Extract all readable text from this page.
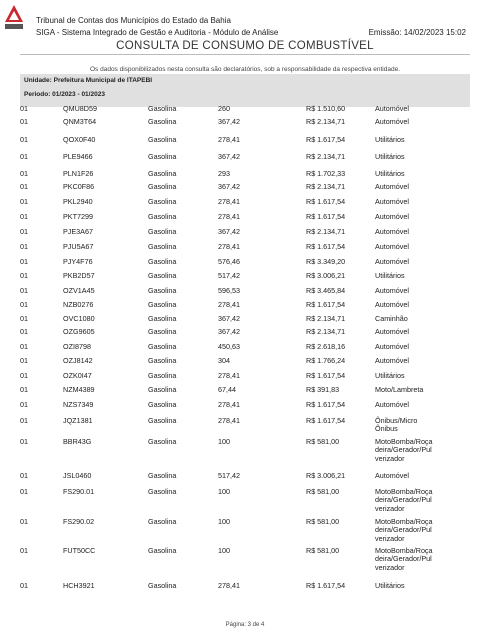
Tribunal de Contas dos Municípios do Estado da Bahia
SIGA - Sistema Integrado de Gestão e Auditoria - Módulo de Análise	Emissão: 14/02/2023 15:02
CONSULTA DE CONSUMO DE COMBUSTÍVEL
Os dados disponibilizados nesta consulta são declaratórios, sob a responsabilidade da respectiva entidade.
Unidade: Prefeitura Municipal de ITAPEBI
Periodo: 01/2023 - 01/2023
01	QMU8D59	Gasolina	260	R$ 1.510,60	Automóvel
01	QNM3T64	Gasolina	367,42	R$ 2.134,71	Automóvel
01	QOX0F40	Gasolina	278,41	R$ 1.617,54	Utilitários
01	PLE9466	Gasolina	367,42	R$ 2.134,71	Utilitários
01	PLN1F26	Gasolina	293	R$ 1.702,33	Utilitários
01	PKC0F86	Gasolina	367,42	R$ 2.134,71	Automóvel
01	PKL2940	Gasolina	278,41	R$ 1.617,54	Automóvel
01	PKT7299	Gasolina	278,41	R$ 1.617,54	Automóvel
01	PJE3A67	Gasolina	367,42	R$ 2.134,71	Automóvel
01	PJU5A67	Gasolina	278,41	R$ 1.617,54	Automóvel
01	PJY4F76	Gasolina	576,46	R$ 3.349,20	Automóvel
01	PKB2D57	Gasolina	517,42	R$ 3.006,21	Utilitários
01	OZV1A45	Gasolina	596,53	R$ 3.465,84	Automóvel
01	NZB0276	Gasolina	278,41	R$ 1.617,54	Automóvel
01	OVC1080	Gasolina	367,42	R$ 2.134,71	Caminhão
01	OZG9605	Gasolina	367,42	R$ 2.134,71	Automóvel
01	OZI8798	Gasolina	450,63	R$ 2.618,16	Automóvel
01	OZJ8142	Gasolina	304	R$ 1.766,24	Automóvel
01	OZK0I47	Gasolina	278,41	R$ 1.617,54	Utilitários
01	NZM4389	Gasolina	67,44	R$ 391,83	Moto/Lambreta
01	NZS7349	Gasolina	278,41	R$ 1.617,54	Automóvel
01	JQZ1381	Gasolina	278,41	R$ 1.617,54	Ônibus/Micro
Ônibus
01	BBR43G	Gasolina	100	R$ 581,00	MotoBomba/Roça
deira/Gerador/Pul
verizador
01	JSL0460	Gasolina	517,42	R$ 3.006,21	Automóvel
01	FS290.01	Gasolina	100	R$ 581,00	MotoBomba/Roça
deira/Gerador/Pul
verizador
01	FS290.02	Gasolina	100	R$ 581,00	MotoBomba/Roça
deira/Gerador/Pul
verizador
01	FUT50CC	Gasolina	100	R$ 581,00	MotoBomba/Roça
deira/Gerador/Pul
verizador
01	HCH3921	Gasolina	278,41	R$ 1.617,54	Utilitários
Página: 3 de 4
